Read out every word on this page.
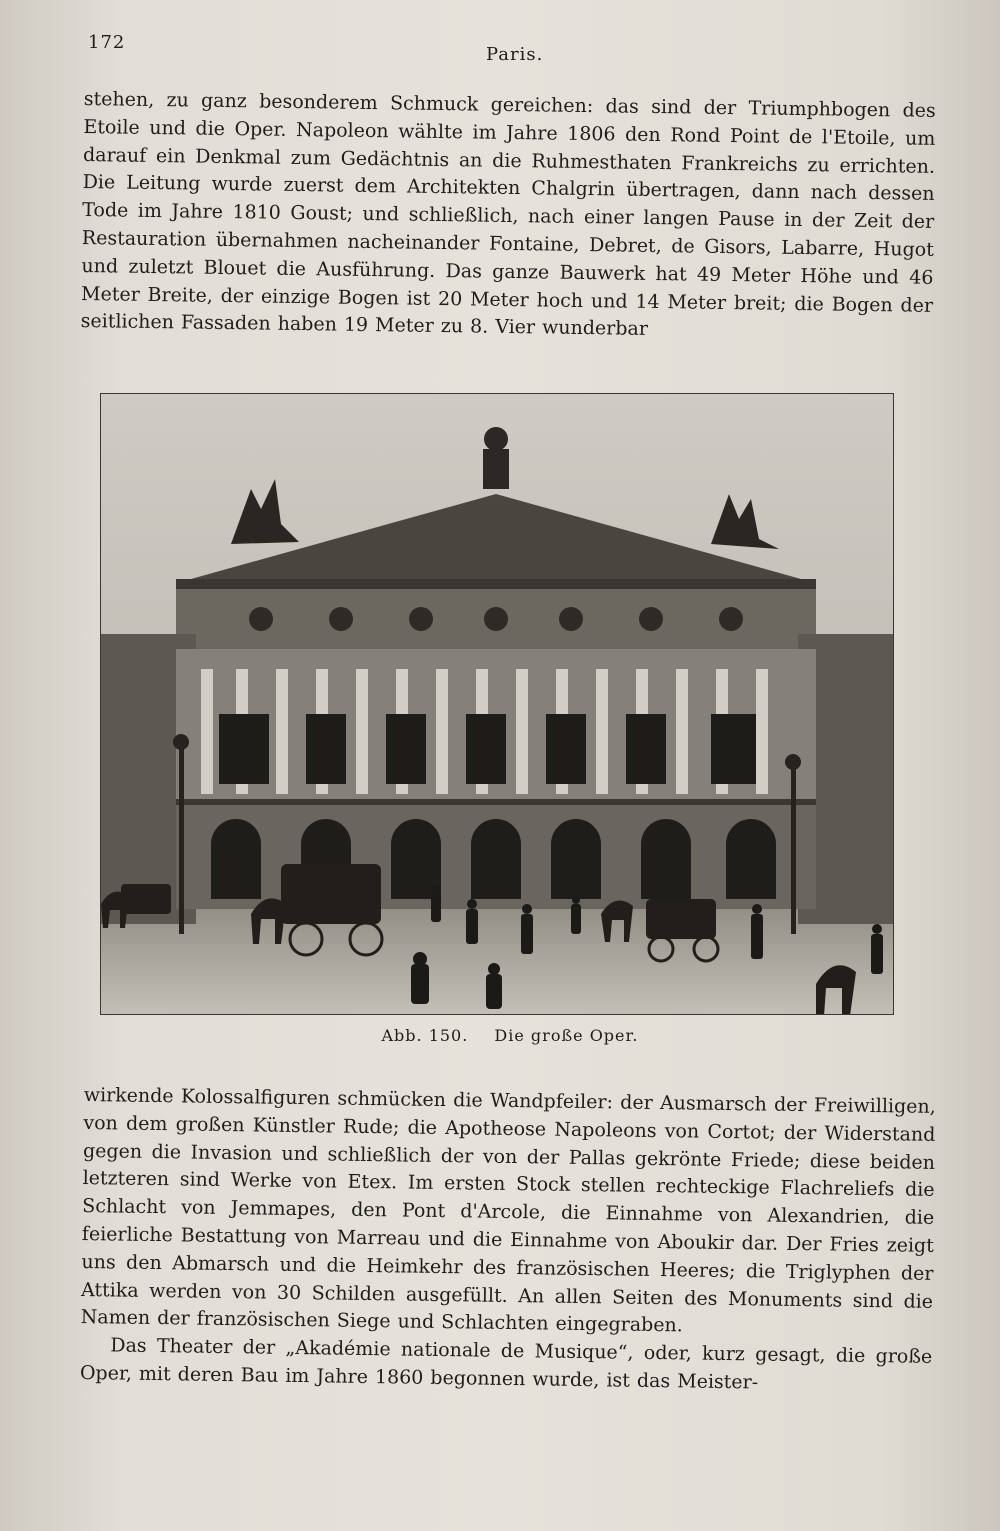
172
Paris.

stehen, zu ganz besonderem Schmuck gereichen: das sind der Triumphbogen des Etoile und die Oper. Napoleon wählte im Jahre 1806 den Rond Point de l'Etoile, um darauf ein Denkmal zum Gedächtnis an die Ruhmesthaten Frankreichs zu errichten. Die Leitung wurde zuerst dem Architekten Chalgrin übertragen, dann nach dessen Tode im Jahre 1810 Goust; und schließlich, nach einer langen Pause in der Zeit der Restauration übernahmen nacheinander Fontaine, Debret, de Gisors, Labarre, Hugot und zuletzt Blouet die Ausführung. Das ganze Bauwerk hat 49 Meter Höhe und 46 Meter Breite, der einzige Bogen ist 20 Meter hoch und 14 Meter breit; die Bogen der seitlichen Fassaden haben 19 Meter zu 8. Vier wunderbar

Abb. 150. Die große Oper.

wirkende Kolossalfiguren schmücken die Wandpfeiler: der Ausmarsch der Freiwilligen, von dem großen Künstler Rude; die Apotheose Napoleons von Cortot; der Widerstand gegen die Invasion und schließlich der von der Pallas gekrönte Friede; diese beiden letzteren sind Werke von Etex. Im ersten Stock stellen rechteckige Flachreliefs die Schlacht von Jemmapes, den Pont d'Arcole, die Einnahme von Alexandrien, die feierliche Bestattung von Marreau und die Einnahme von Aboukir dar. Der Fries zeigt uns den Abmarsch und die Heimkehr des französischen Heeres; die Triglyphen der Attika werden von 30 Schilden ausgefüllt. An allen Seiten des Monuments sind die Namen der französischen Siege und Schlachten eingegraben.

Das Theater der „Akadémie nationale de Musique“, oder, kurz gesagt, die große Oper, mit deren Bau im Jahre 1860 begonnen wurde, ist das Meister-
